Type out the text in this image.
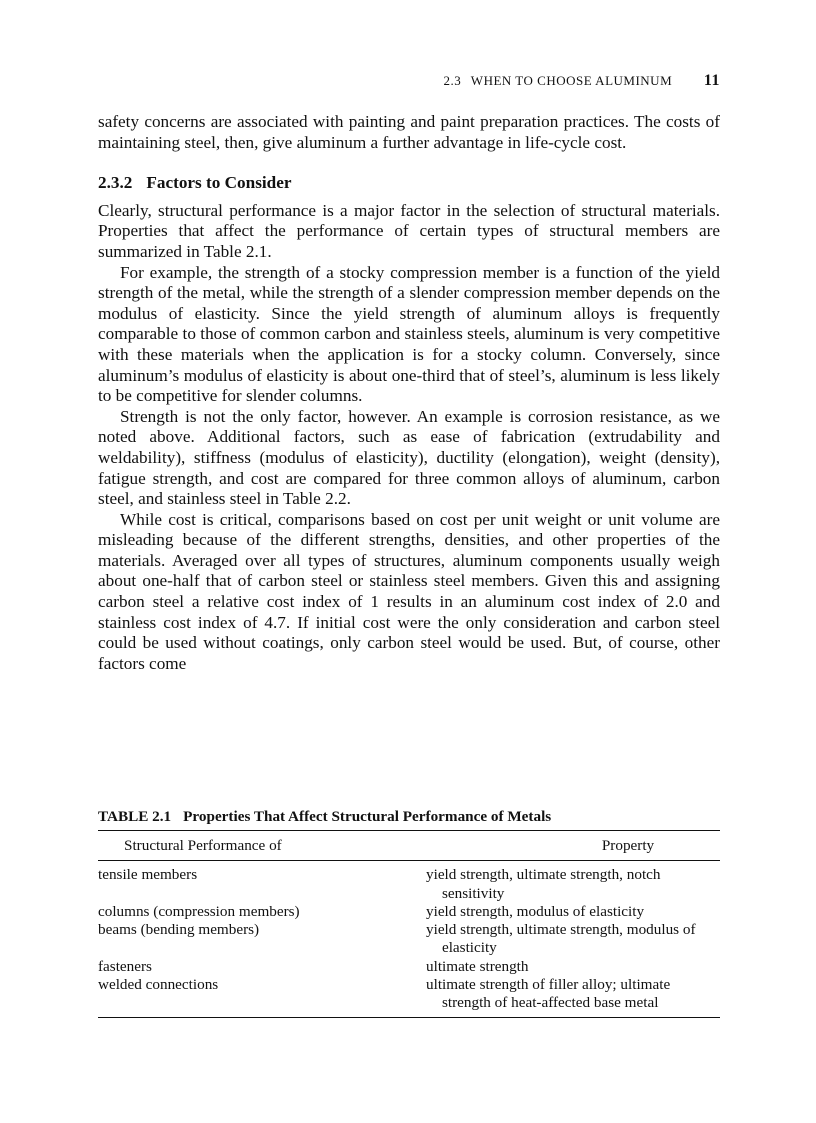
2.3 WHEN TO CHOOSE ALUMINUM 11

safety concerns are associated with painting and paint preparation practices. The costs of maintaining steel, then, give aluminum a further advantage in life-cycle cost.

2.3.2 Factors to Consider

Clearly, structural performance is a major factor in the selection of structural materials. Properties that affect the performance of certain types of structural members are summarized in Table 2.1.

For example, the strength of a stocky compression member is a function of the yield strength of the metal, while the strength of a slender compression member depends on the modulus of elasticity. Since the yield strength of aluminum alloys is frequently comparable to those of common carbon and stainless steels, aluminum is very competitive with these materials when the application is for a stocky column. Conversely, since aluminum’s modulus of elasticity is about one-third that of steel’s, aluminum is less likely to be competitive for slender columns.

Strength is not the only factor, however. An example is corrosion resistance, as we noted above. Additional factors, such as ease of fabrication (extrudability and weldability), stiffness (modulus of elasticity), ductility (elongation), weight (density), fatigue strength, and cost are compared for three common alloys of aluminum, carbon steel, and stainless steel in Table 2.2.

While cost is critical, comparisons based on cost per unit weight or unit volume are misleading because of the different strengths, densities, and other properties of the materials. Averaged over all types of structures, aluminum components usually weigh about one-half that of carbon steel or stainless steel members. Given this and assigning carbon steel a relative cost index of 1 results in an aluminum cost index of 2.0 and stainless cost index of 4.7. If initial cost were the only consideration and carbon steel could be used without coatings, only carbon steel would be used. But, of course, other factors come

TABLE 2.1 Properties That Affect Structural Performance of Metals
Structural Performance of	Property
tensile members	yield strength, ultimate strength, notch sensitivity
columns (compression members)	yield strength, modulus of elasticity
beams (bending members)	yield strength, ultimate strength, modulus of elasticity
fasteners	ultimate strength
welded connections	ultimate strength of filler alloy; ultimate strength of heat-affected base metal
